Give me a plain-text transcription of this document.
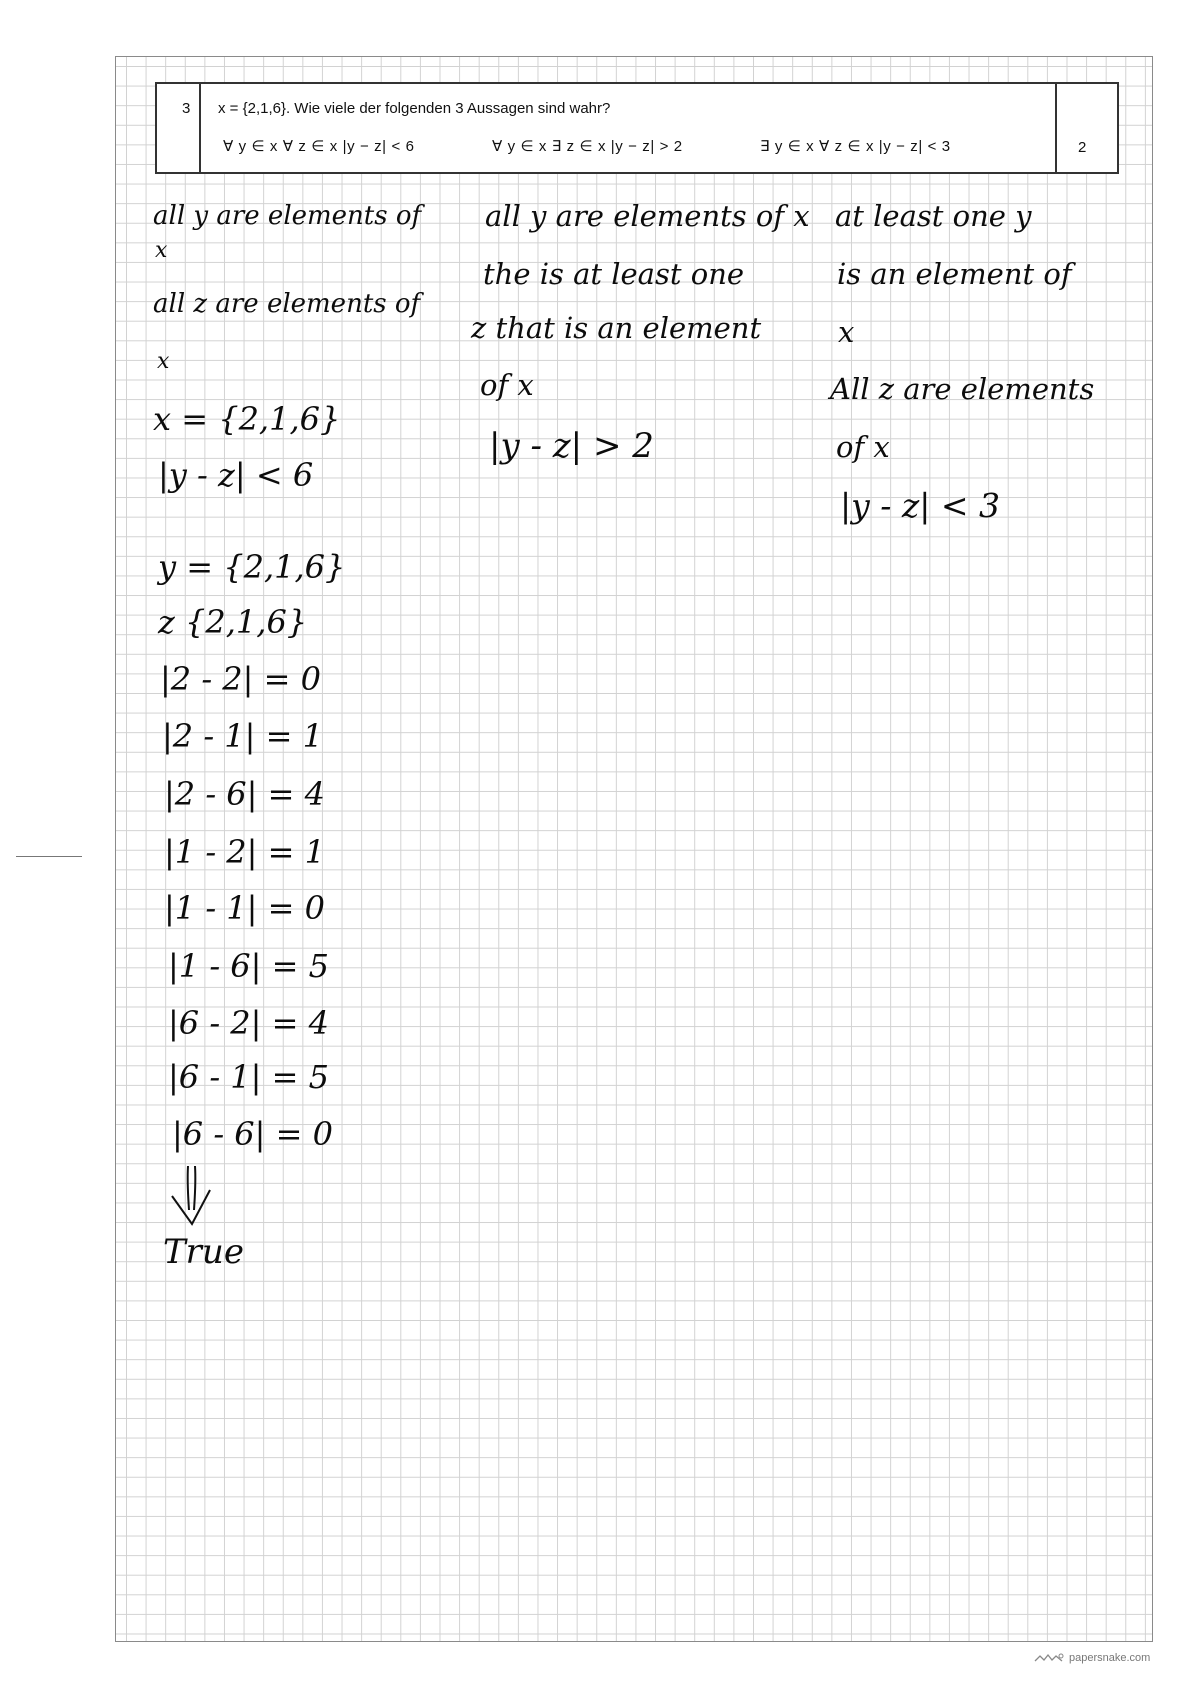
3 x = {2,1,6}. Wie viele der folgenden 3 Aussagen sind wahr?
∀ y ∈ x ∀ z ∈ x |y − z| < 6	∀ y ∈ x ∃ z ∈ x |y − z| > 2	∃ y ∈ x ∀ z ∈ x |y − z| < 3	2
all y are elements of
x
all z are elements of
x
x = {2,1,6}
|y - z| < 6
y = {2,1,6}
z {2,1,6}
|2 - 2| = 0
|2 - 1| = 1
|2 - 6| = 4
|1 - 2| = 1
|1 - 1| = 0
|1 - 6| = 5
|6 - 2| = 4
|6 - 1| = 5
|6 - 6| = 0
True
all y are elements of x
the is at least one
z that is an element
of x
|y - z| > 2
at least one y
is an element of
x
All z are elements
of x
|y - z| < 3
papersnake.com
